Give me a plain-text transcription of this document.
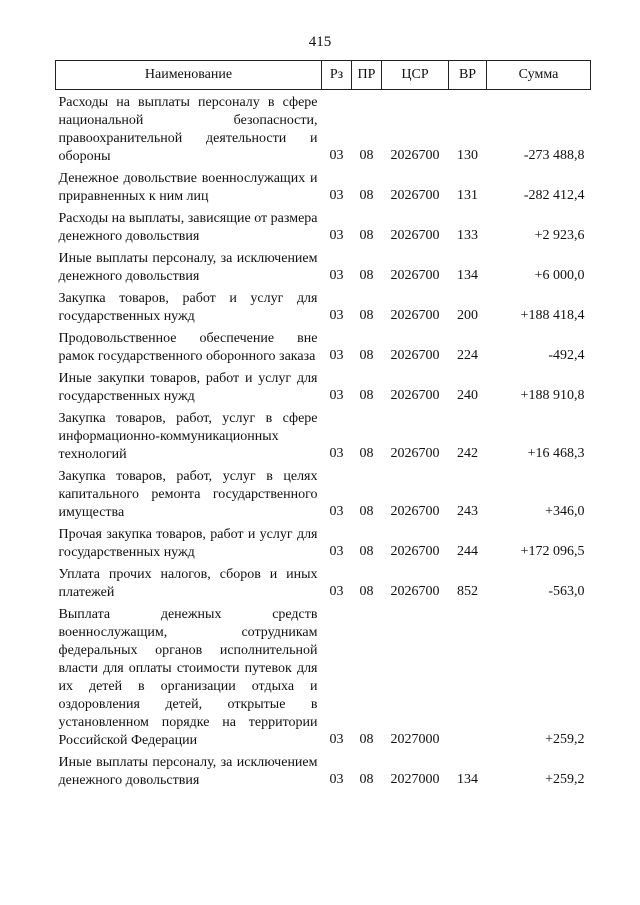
415
Наименование	Рз	ПР	ЦСР	ВР	Сумма
Расходы на выплаты персоналу в сфере национальной безопасности, правоохранительной деятельности и обороны	03	08	2026700	130	-273 488,8
Денежное довольствие военнослужащих и приравненных к ним лиц	03	08	2026700	131	-282 412,4
Расходы на выплаты, зависящие от размера денежного довольствия	03	08	2026700	133	+2 923,6
Иные выплаты персоналу, за исключением денежного довольствия	03	08	2026700	134	+6 000,0
Закупка товаров, работ и услуг для государственных нужд	03	08	2026700	200	+188 418,4
Продовольственное обеспечение вне рамок государственного оборонного заказа	03	08	2026700	224	-492,4
Иные закупки товаров, работ и услуг для государственных нужд	03	08	2026700	240	+188 910,8
Закупка товаров, работ, услуг в сфере информационно-коммуникационных технологий	03	08	2026700	242	+16 468,3
Закупка товаров, работ, услуг в целях капитального ремонта государственного имущества	03	08	2026700	243	+346,0
Прочая закупка товаров, работ и услуг для государственных нужд	03	08	2026700	244	+172 096,5
Уплата прочих налогов, сборов и иных платежей	03	08	2026700	852	-563,0
Выплата денежных средств военнослужащим, сотрудникам федеральных органов исполнительной власти для оплаты стоимости путевок для их детей в организации отдыха и оздоровления детей, открытые в установленном порядке на территории Российской Федерации	03	08	2027000		+259,2
Иные выплаты персоналу, за исключением денежного довольствия	03	08	2027000	134	+259,2
